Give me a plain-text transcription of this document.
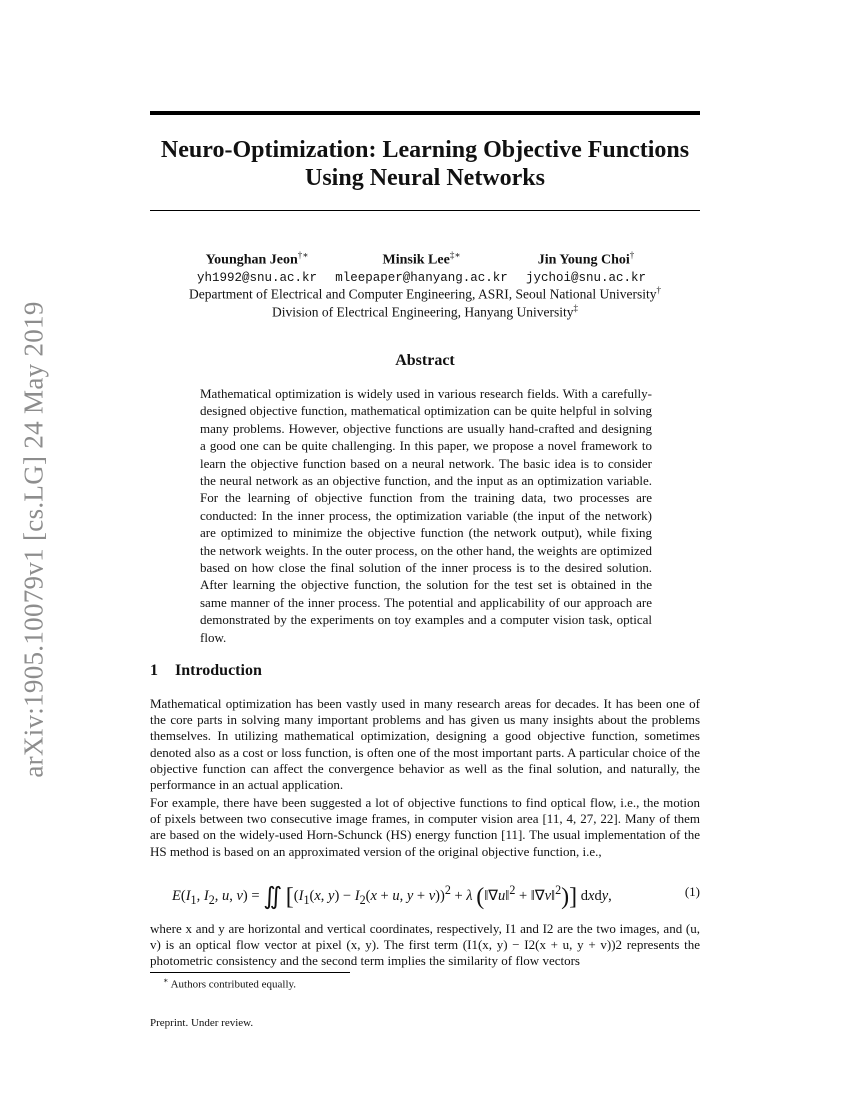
arXiv:1905.10079v1 [cs.LG] 24 May 2019
Neuro-Optimization: Learning Objective Functions
Using Neural Networks
Younghan Jeon†∗
yh1992@snu.ac.kr
Minsik Lee‡∗
mleepaper@hanyang.ac.kr
Jin Young Choi†
jychoi@snu.ac.kr
Department of Electrical and Computer Engineering, ASRI, Seoul National University†
Division of Electrical Engineering, Hanyang University‡
Abstract

Mathematical optimization is widely used in various research fields. With a carefully-designed objective function, mathematical optimization can be quite helpful in solving many problems. However, objective functions are usually hand-crafted and designing a good one can be quite challenging. In this paper, we propose a novel framework to learn the objective function based on a neural network. The basic idea is to consider the neural network as an objective function, and the input as an optimization variable. For the learning of objective function from the training data, two processes are conducted: In the inner process, the optimization variable (the input of the network) are optimized to minimize the objective function (the network output), while fixing the network weights. In the outer process, on the other hand, the weights are optimized based on how close the final solution of the inner process is to the desired solution. After learning the objective function, the solution for the test set is obtained in the same manner of the inner process. The potential and applicability of our approach are demonstrated by the experiments on toy examples and a computer vision task, optical flow.

1 Introduction

Mathematical optimization has been vastly used in many research areas for decades. It has been one of the core parts in solving many important problems and has given us many insights about the problems themselves. In utilizing mathematical optimization, designing a good objective function, sometimes denoted also as a cost or loss function, is often one of the most important parts. A particular choice of the objective function can affect the convergence behavior as well as the final solution, and naturally, the performance in an actual application.

For example, there have been suggested a lot of objective functions to find optical flow, i.e., the motion of pixels between two consecutive image frames, in computer vision area [11, 4, 27, 22]. Many of them are based on the widely-used Horn-Schunck (HS) energy function [11]. The usual implementation of the HS method is based on an approximated version of the original objective function, i.e.,

$E(I_1$, $I_2$, u, v) = ∬ [($I_1(x$, $y) - I_2(x + u$, y + v))$^2$ + λ (‖∇u‖$^2$ + ‖∇v‖$^2$)] dxdy,	(1)

where x and y are horizontal and vertical coordinates, respectively, I1 and I2 are the two images, and (u, v) is an optical flow vector at pixel (x, y). The first term (I1(x, y) − I2(x + u, y + v))2 represents the photometric consistency and the second term implies the similarity of flow vectors

∗ Authors contributed equally.
Preprint. Under review.
